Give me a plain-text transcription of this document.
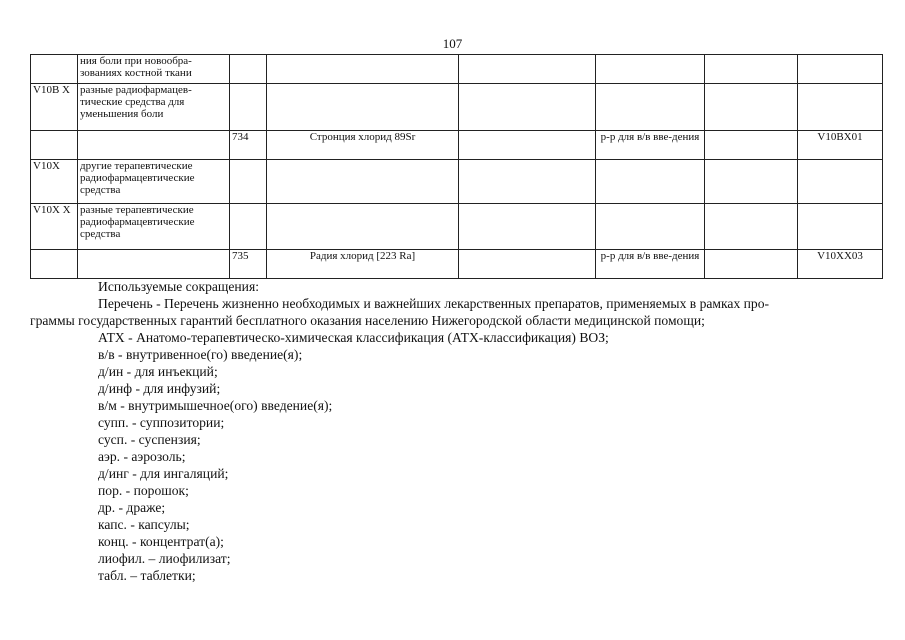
107
	ния боли при новообра-зованиях костной ткани						
V10B X	разные радиофармацев-тические средства для уменьшения боли						
		734	Стронция хлорид 89Sr		р-р для в/в вве-дения		V10BX01
V10X	другие терапевтические радиофармацевтические средства						
V10X X	разные терапевтические радиофармацевтические средства						
		735	Радия хлорид [223 Ra]		р-р для в/в вве-дения		V10XX03
Используемые сокращения:
Перечень - Перечень жизненно необходимых и важнейших лекарственных препаратов, применяемых в рамках про-
граммы государственных гарантий бесплатного оказания населению Нижегородской области медицинской помощи;
АТХ - Анатомо-терапевтическо-химическая классификация (АТХ-классификация) ВОЗ;
в/в - внутривенное(го) введение(я);
д/ин - для инъекций;
д/инф - для инфузий;
в/м - внутримышечное(ого) введение(я);
супп. - суппозитории;
сусп. - суспензия;
аэр. - аэрозоль;
д/инг - для ингаляций;
пор. - порошок;
др. - драже;
капс. - капсулы;
конц. - концентрат(а);
лиофил. – лиофилизат;
табл. – таблетки;
